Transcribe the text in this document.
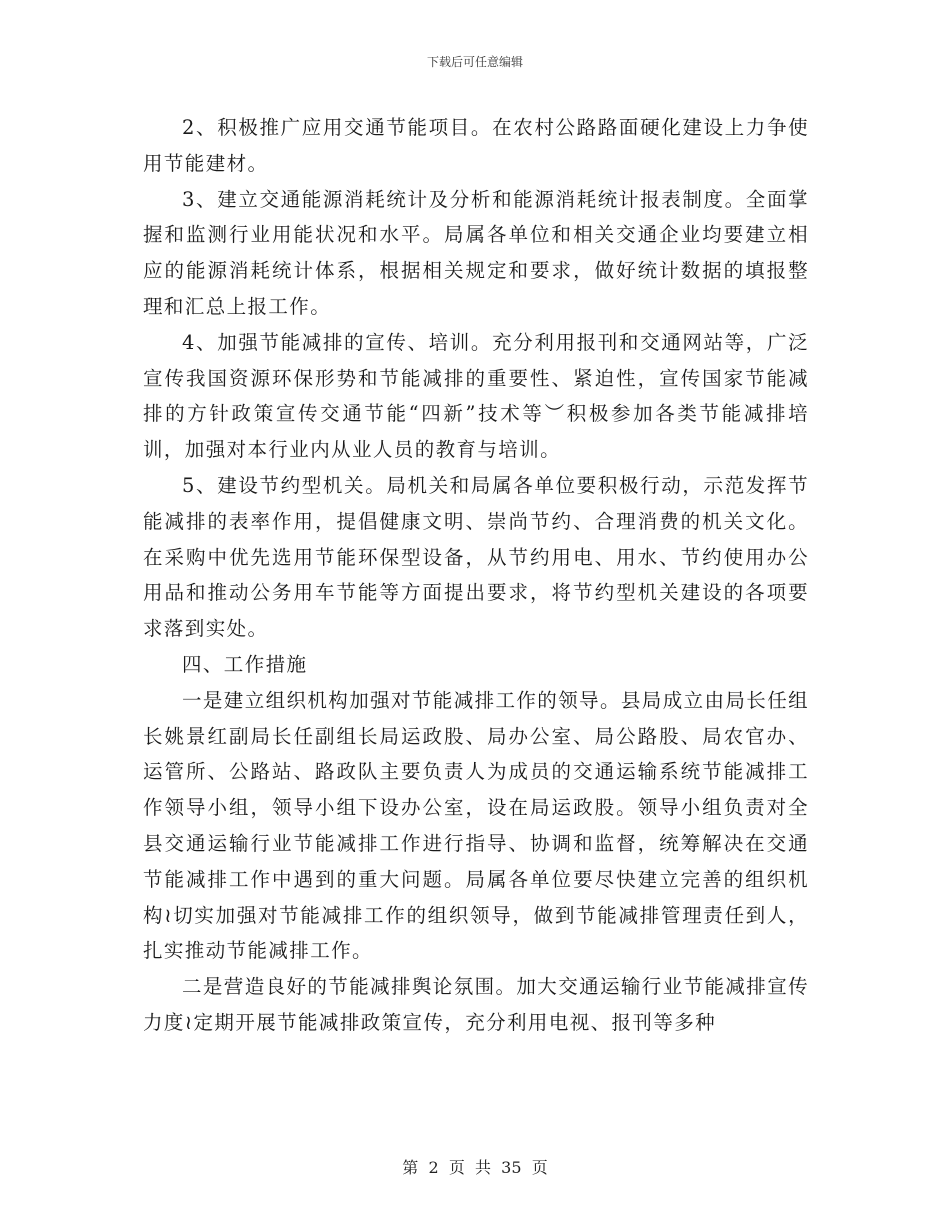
下载后可任意编辑

2、积极推广应用交通节能项目。在农村公路路面硬化建设上力争使用节能建材。

3、建立交通能源消耗统计及分析和能源消耗统计报表制度。全面掌握和监测行业用能状况和水平。局属各单位和相关交通企业均要建立相应的能源消耗统计体系，根据相关规定和要求，做好统计数据的填报整理和汇总上报工作。

4、加强节能减排的宣传、培训。充分利用报刊和交通网站等，广泛宣传我国资源环保形势和节能减排的重要性、紧迫性，宣传国家节能减排的方针政策宣传交通节能“四新”技术等︶积极参加各类节能减排培训，加强对本行业内从业人员的教育与培训。

5、建设节约型机关。局机关和局属各单位要积极行动，示范发挥节能减排的表率作用，提倡健康文明、崇尚节约、合理消费的机关文化。在采购中优先选用节能环保型设备，从节约用电、用水、节约使用办公用品和推动公务用车节能等方面提出要求，将节约型机关建设的各项要求落到实处。

四、工作措施

一是建立组织机构加强对节能减排工作的领导。县局成立由局长任组长姚景红副局长任副组长局运政股、局办公室、局公路股、局农官办、运管所、公路站、路政队主要负责人为成员的交通运输系统节能减排工作领导小组，领导小组下设办公室，设在局运政股。领导小组负责对全县交通运输行业节能减排工作进行指导、协调和监督，统筹解决在交通节能减排工作中遇到的重大问题。局属各单位要尽快建立完善的组织机构≀切实加强对节能减排工作的组织领导，做到节能减排管理责任到人，扎实推动节能减排工作。

二是营造良好的节能减排舆论氛围。加大交通运输行业节能减排宣传力度≀定期开展节能减排政策宣传，充分利用电视、报刊等多种

第  2  页  共  35  页
